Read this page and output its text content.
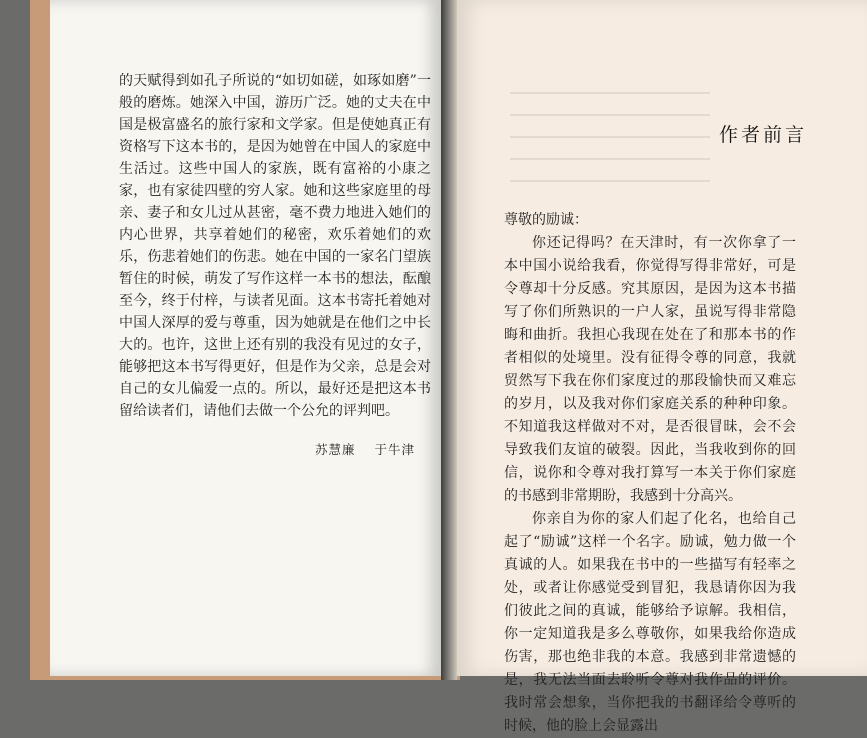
的天赋得到如孔子所说的“如切如磋，如琢如磨”一般的磨炼。她深入中国，游历广泛。她的丈夫在中国是极富盛名的旅行家和文学家。但是使她真正有资格写下这本书的，是因为她曾在中国人的家庭中生活过。这些中国人的家族，既有富裕的小康之家，也有家徒四壁的穷人家。她和这些家庭里的母亲、妻子和女儿过从甚密，毫不费力地进入她们的内心世界，共享着她们的秘密，欢乐着她们的欢乐，伤悲着她们的伤悲。她在中国的一家名门望族暂住的时候，萌发了写作这样一本书的想法，酝酿至今，终于付梓，与读者见面。这本书寄托着她对中国人深厚的爱与尊重，因为她就是在他们之中长大的。也许，这世上还有别的我没有见过的女子，能够把这本书写得更好，但是作为父亲，总是会对自己的女儿偏爱一点的。所以，最好还是把这本书留给读者们，请他们去做一个公允的评判吧。

苏慧廉 于牛津
作者前言

尊敬的励诚：

你还记得吗？在天津时，有一次你拿了一本中国小说给我看，你觉得写得非常好，可是令尊却十分反感。究其原因，是因为这本书描写了你们所熟识的一户人家，虽说写得非常隐晦和曲折。我担心我现在处在了和那本书的作者相似的处境里。没有征得令尊的同意，我就贸然写下我在你们家度过的那段愉快而又难忘的岁月，以及我对你们家庭关系的种种印象。不知道我这样做对不对，是否很冒昧，会不会导致我们友谊的破裂。因此，当我收到你的回信，说你和令尊对我打算写一本关于你们家庭的书感到非常期盼，我感到十分高兴。

你亲自为你的家人们起了化名，也给自己起了“励诚”这样一个名字。励诚，勉力做一个真诚的人。如果我在书中的一些描写有轻率之处，或者让你感觉受到冒犯，我恳请你因为我们彼此之间的真诚，能够给予谅解。我相信，你一定知道我是多么尊敬你，如果我给你造成伤害，那也绝非我的本意。我感到非常遗憾的是，我无法当面去聆听令尊对我作品的评价。我时常会想象，当你把我的书翻译给令尊听的时候，他的脸上会显露出
